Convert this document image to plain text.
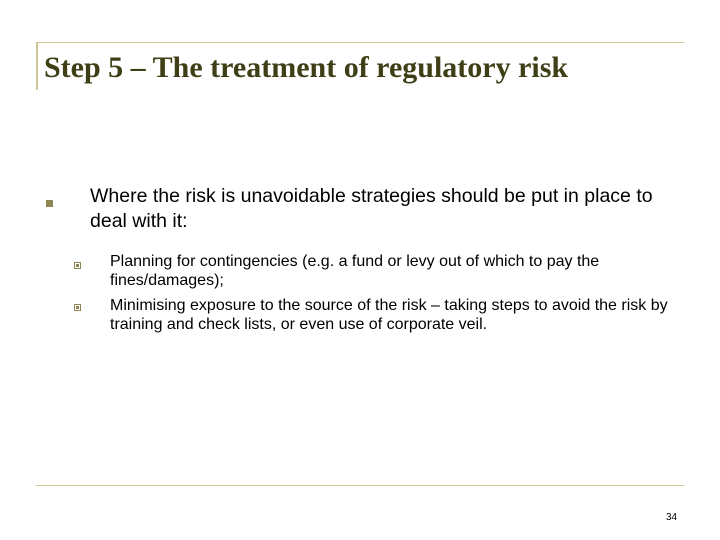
Step 5 – The treatment of regulatory risk

Where the risk is unavoidable strategies should be put in place to deal with it:

Planning for contingencies (e.g. a fund or levy out of which to pay the fines/damages);

Minimising exposure to the source of the risk – taking steps to avoid the risk by training and check lists, or even use of corporate veil.

34
